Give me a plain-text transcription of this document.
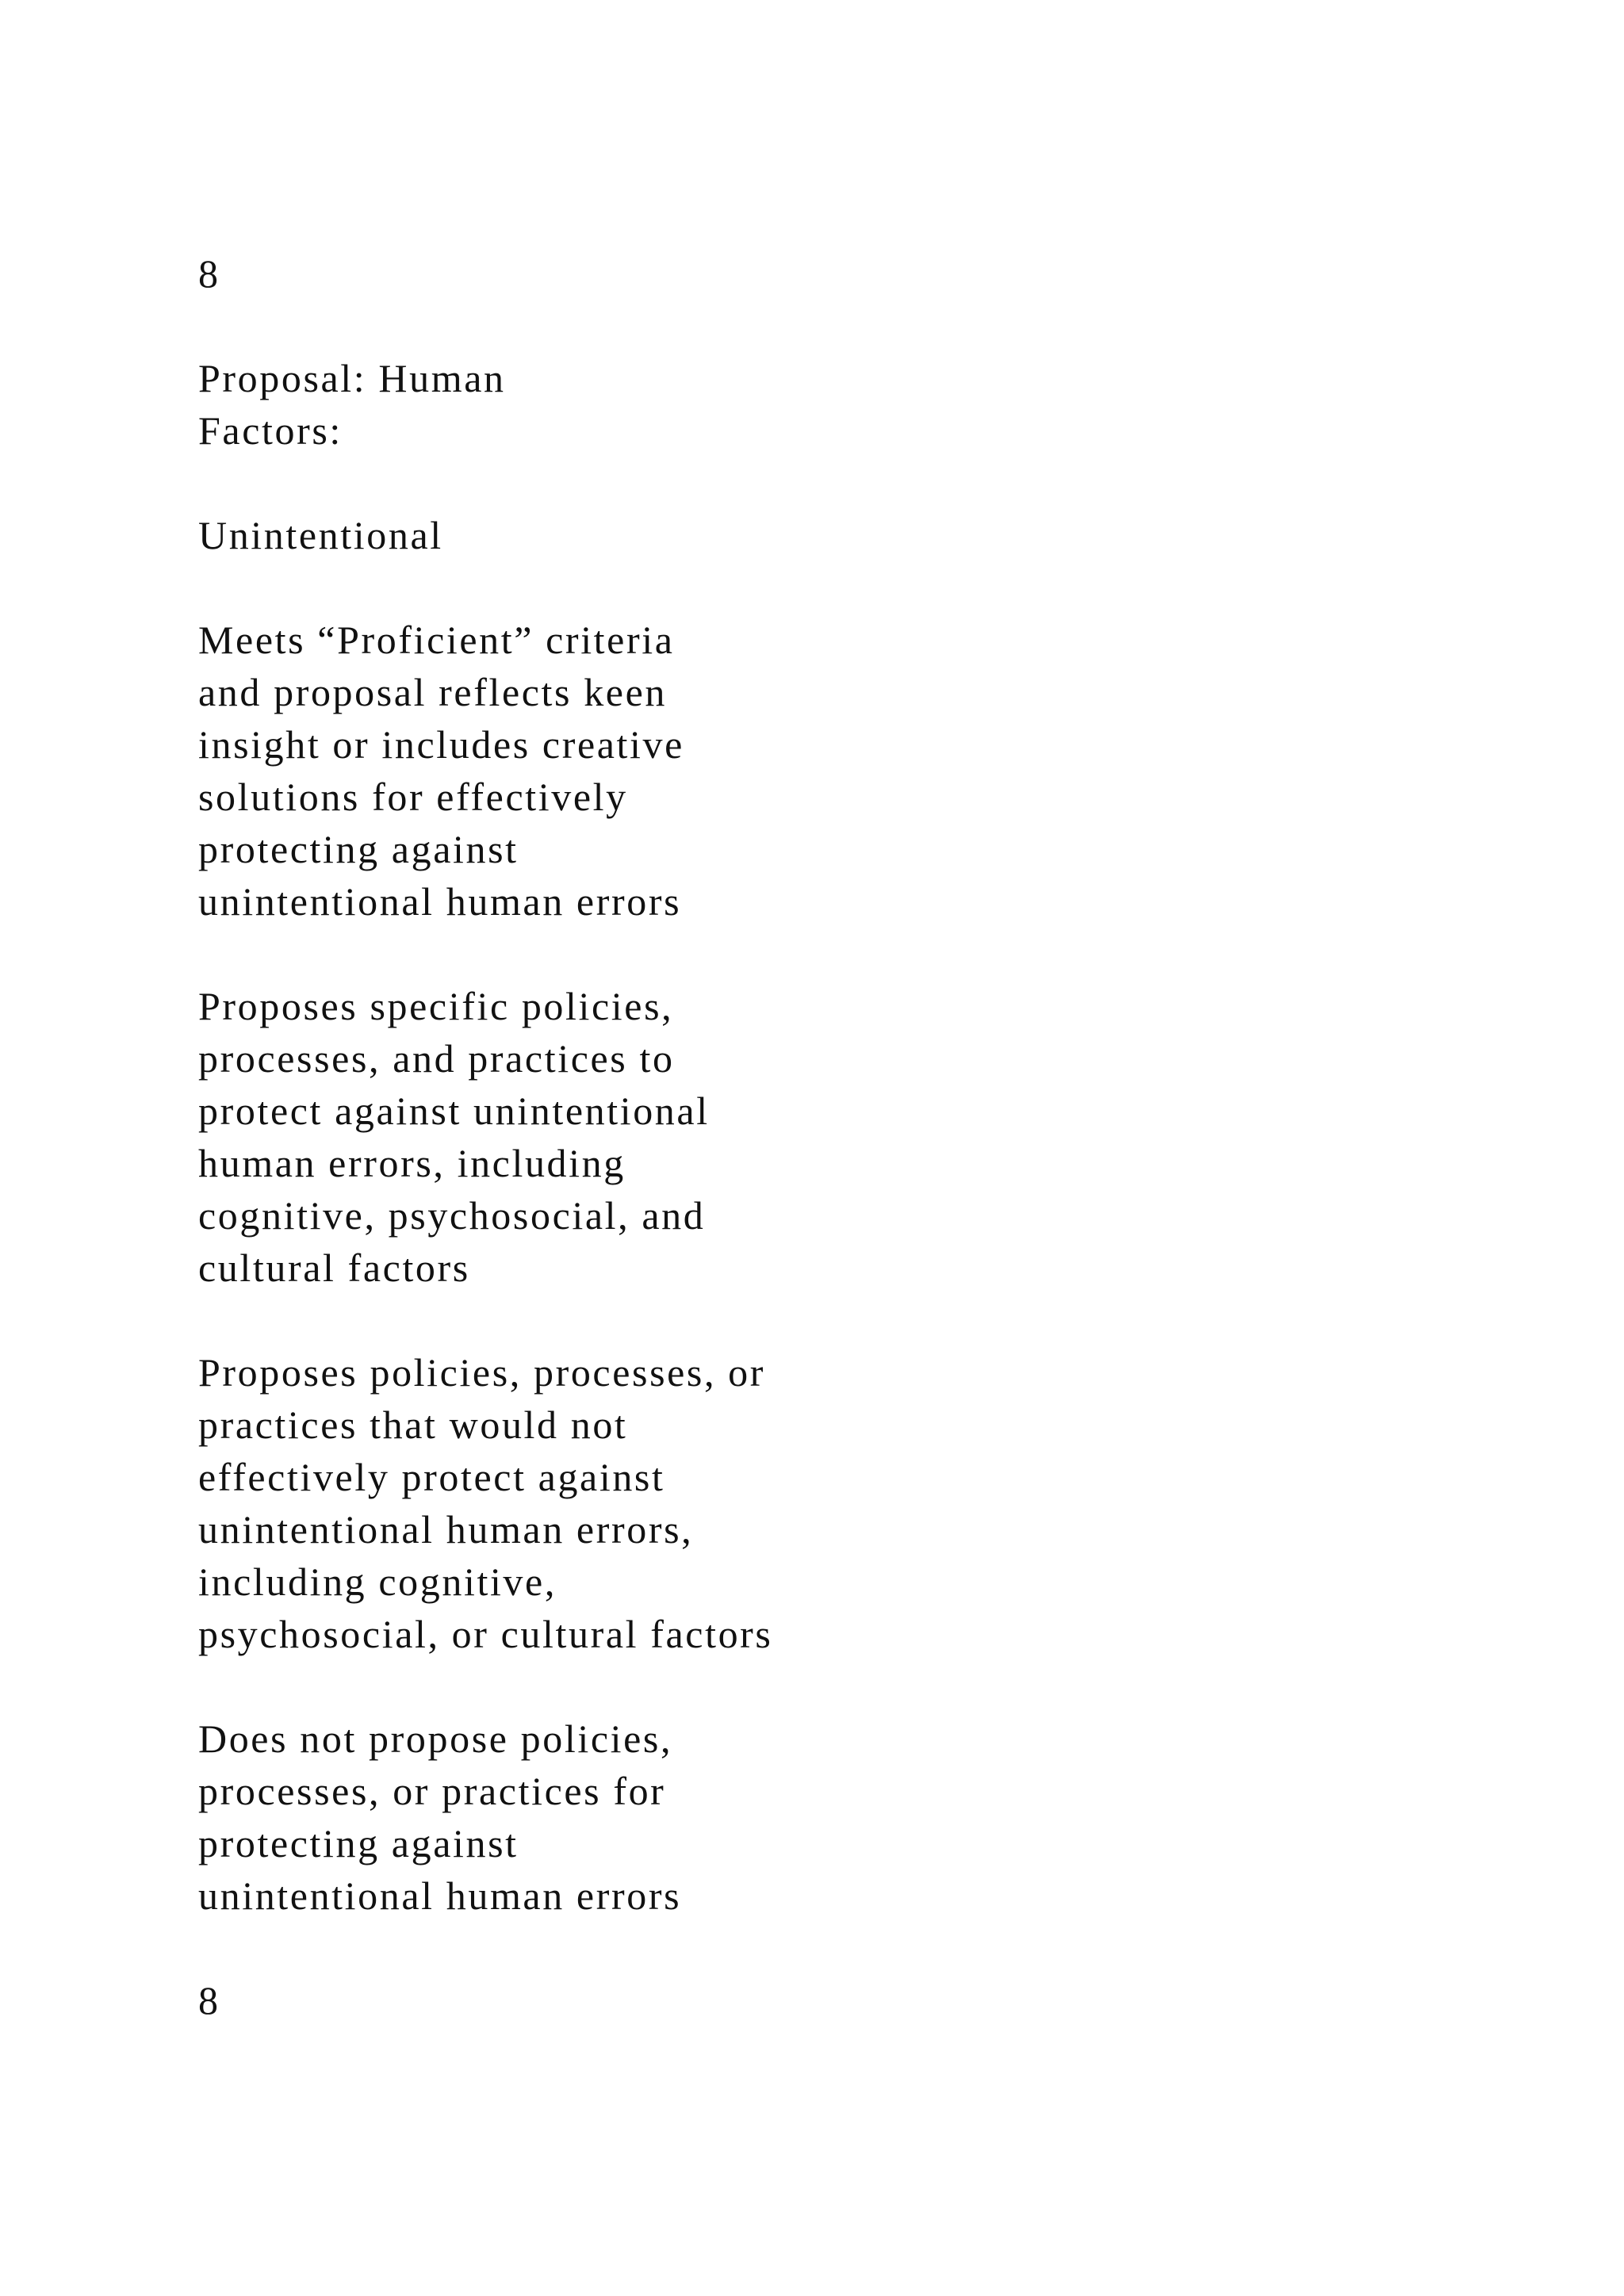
8
Proposal: Human
Factors:
Unintentional
Meets “Proficient” criteria
and proposal reflects keen
insight or includes creative
solutions for effectively
protecting against
unintentional human errors
Proposes specific policies,
processes, and practices to
protect against unintentional
human errors, including
cognitive, psychosocial, and
cultural factors
Proposes policies, processes, or
practices that would not
effectively protect against
unintentional human errors,
including cognitive,
psychosocial, or cultural factors
Does not propose policies,
processes, or practices for
protecting against
unintentional human errors
8
